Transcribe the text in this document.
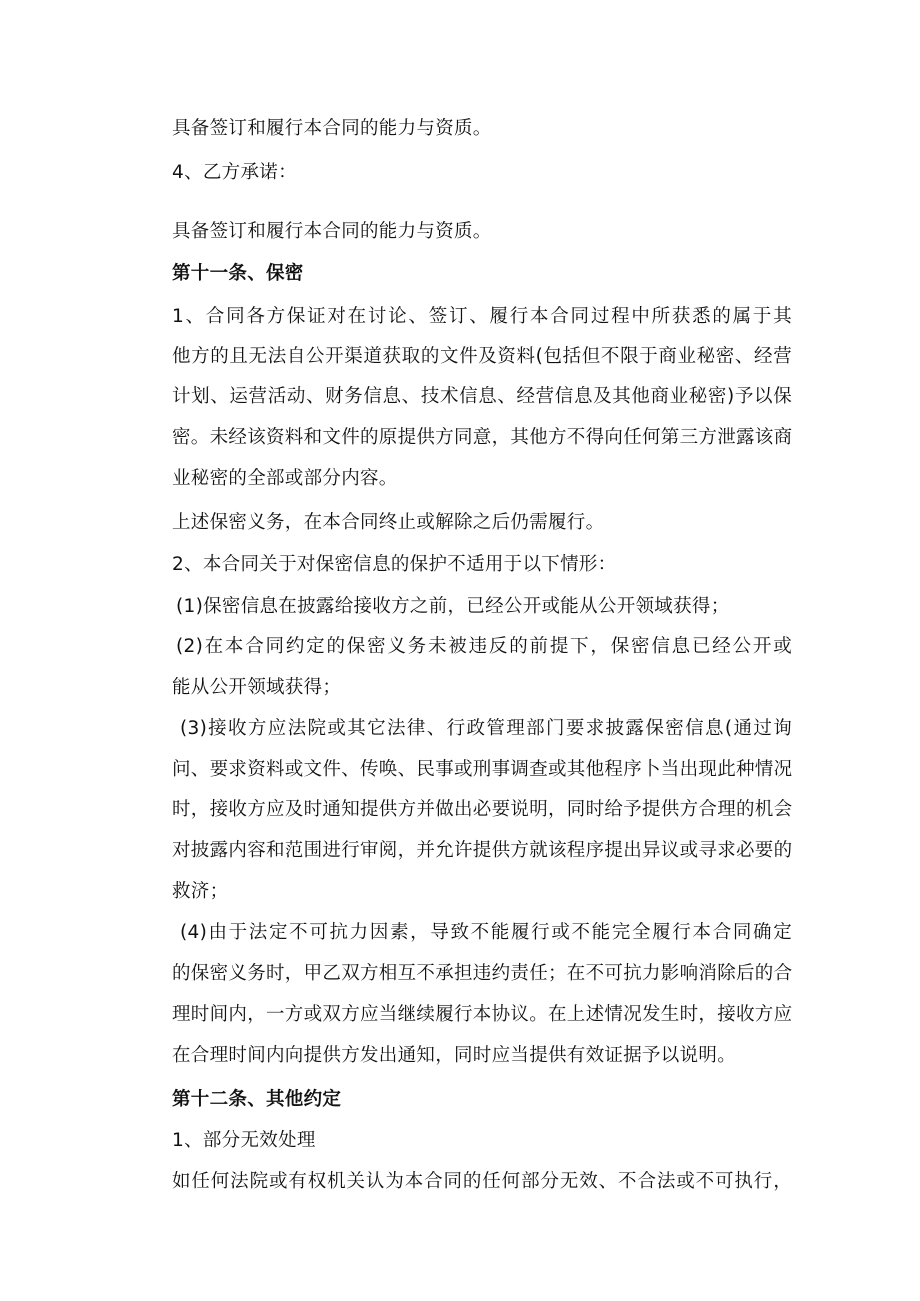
具备签订和履行本合同的能力与资质。
4、乙方承诺：
具备签订和履行本合同的能力与资质。
第十一条、保密
1、合同各方保证对在讨论、签订、履行本合同过程中所获悉的属于其
他方的且无法自公开渠道获取的文件及资料(包括但不限于商业秘密、经营
计划、运营活动、财务信息、技术信息、经营信息及其他商业秘密)予以保
密。未经该资料和文件的原提供方同意，其他方不得向任何第三方泄露该商
业秘密的全部或部分内容。
上述保密义务，在本合同终止或解除之后仍需履行。
2、本合同关于对保密信息的保护不适用于以下情形：
(1)保密信息在披露给接收方之前，已经公开或能从公开领域获得；
(2)在本合同约定的保密义务未被违反的前提下，保密信息已经公开或
能从公开领域获得；
(3)接收方应法院或其它法律、行政管理部门要求披露保密信息(通过询
问、要求资料或文件、传唤、民事或刑事调查或其他程序卜当出现此种情况
时，接收方应及时通知提供方并做出必要说明，同时给予提供方合理的机会
对披露内容和范围进行审阅，并允许提供方就该程序提出异议或寻求必要的
救济；
(4)由于法定不可抗力因素，导致不能履行或不能完全履行本合同确定
的保密义务时，甲乙双方相互不承担违约责任；在不可抗力影响消除后的合
理时间内，一方或双方应当继续履行本协议。在上述情况发生时，接收方应
在合理时间内向提供方发出通知，同时应当提供有效证据予以说明。
第十二条、其他约定
1、部分无效处理
如任何法院或有权机关认为本合同的任何部分无效、不合法或不可执行，
